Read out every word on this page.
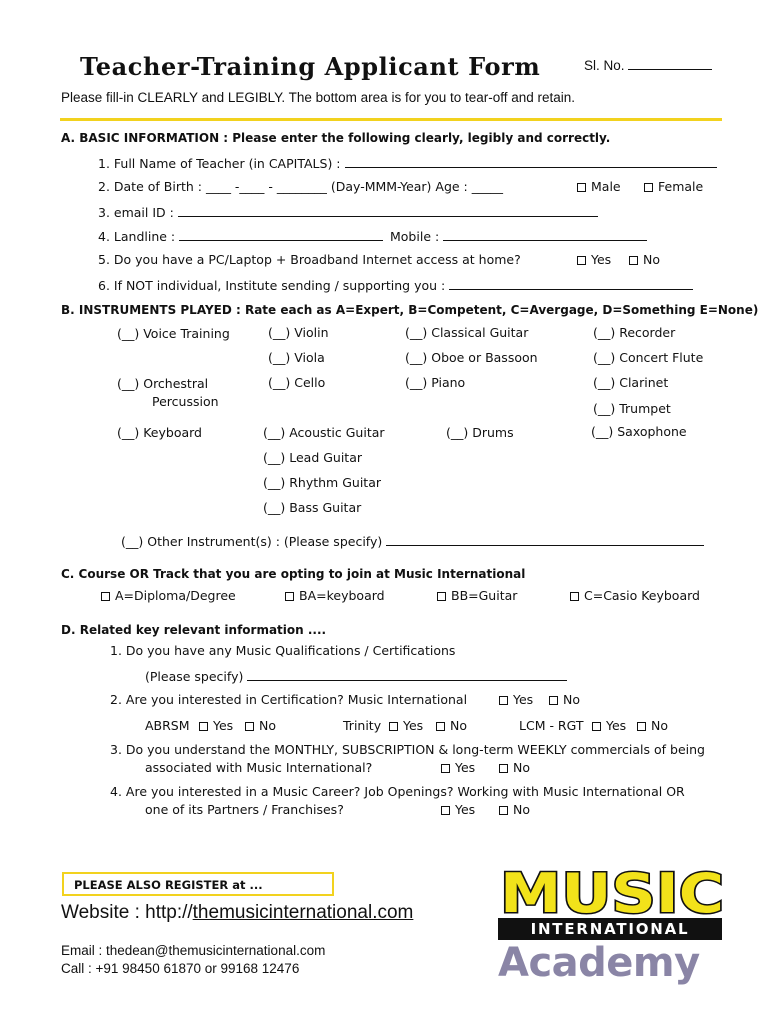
Teacher-Training Applicant Form	Sl. No.
Please fill-in CLEARLY and LEGIBLY. The bottom area is for you to tear-off and retain.
A. BASIC INFORMATION : Please enter the following clearly, legibly and correctly.
1. Full Name of Teacher (in CAPITALS) :
2. Date of Birth : ____ -____ - ________ (Day-MMM-Year) Age : _____	Male	Female
3. email ID :
4. Landline :	Mobile :
5. Do you have a PC/Laptop + Broadband Internet access at home?	Yes	No
6. If NOT individual, Institute sending / supporting you :
B. INSTRUMENTS PLAYED : Rate each as A=Expert, B=Competent, C=Avergage, D=Something E=None)
(__) Voice Training	(__) Violin	(__) Classical Guitar	(__) Recorder
(__) Viola	(__) Oboe or Bassoon	(__) Concert Flute
(__) Orchestral
Percussion
(__) Cello	(__) Piano	(__) Clarinet
(__) Trumpet
(__) Keyboard	(__) Acoustic Guitar	(__) Drums	(__) Saxophone
(__) Lead Guitar
(__) Rhythm Guitar
(__) Bass Guitar
(__) Other Instrument(s) : (Please specify)
C. Course OR Track that you are opting to join at Music International
A=Diploma/Degree	BA=keyboard	BB=Guitar	C=Casio Keyboard
D. Related key relevant information ....
1. Do you have any Music Qualifications / Certifications
(Please specify)
2. Are you interested in Certification? Music International	Yes	No
ABRSM	Yes	No	Trinity	Yes	No	LCM - RGT	Yes	No
3. Do you understand the MONTHLY, SUBSCRIPTION & long-term WEEKLY commercials of being
associated with Music International?	Yes	No
4. Are you interested in a Music Career? Job Openings? Working with Music International OR
one of its Partners / Franchises?	Yes	No
PLEASE ALSO REGISTER at ...
Website : http://themusicinternational.com
Email : thedean@themusicinternational.com
Call : +91 98450 61870 or 99168 12476
MUSIC
INTERNATIONAL
Academy
